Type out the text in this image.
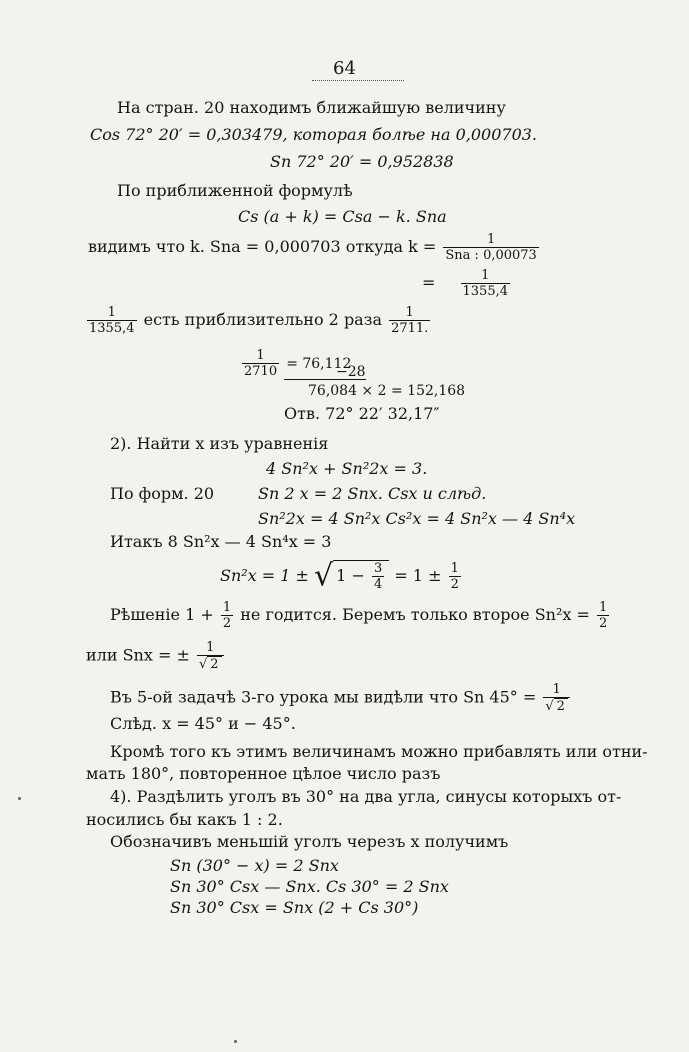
64
На стран. 20 находимъ ближайшую величину
Cos 72° 20′ = 0,303479, которая болѣе на 0,000703.
Sn 72° 20′ = 0,952838
По приближенной формулѣ
Cs (a + k) = Csa − k. Sna
видимъ что k. Sna = 0,000703 откуда $k = \frac{1}{\text{Sna : 0,00073}}$
= $\frac{1}{1355,4}$
$\frac{1}{1355,4}$ есть приблизительно 2 раза $\frac{1}{2711.}$
$\frac{1}{2710} = 76,112$
−28
76,084 × 2 = 152,168
Отв. 72° 22′ 32,17″
2). Найти x изъ уравненія
4 Sn²x + Sn²2x = 3.
По форм. 20	Sn 2 x = 2 Snx. Csx и слѣд.
Sn²2x = 4 Sn²x Cs²x = 4 Sn²x — 4 Sn⁴x
Итакъ 8 Sn²x — 4 Sn⁴x = 3
Sn²x = 1 ± √ $1 - \frac{3}{4} = 1 \pm \frac{1}{2}$
Рѣшеніе $1 + \frac{1}{2}$ не годится. Беремъ только второе $Sn^2x = \frac{1}{2}$
или Snx = ± $\frac{1}{√ 2}$
Въ 5-ой задачѣ 3-го урока мы видѣли что Sn $45^\circ = \frac{1}{√ 2}$
Слѣд. x = 45° и − 45°.
Кромѣ того къ этимъ величинамъ можно прибавлять или отни-
мать 180°, повторенное цѣлое число разъ
4). Раздѣлить уголъ въ 30° на два угла, синусы которыхъ от-
носились бы какъ 1 : 2.
Обозначивъ меньшій уголъ черезъ x получимъ
Sn (30° − x) = 2 Snx
Sn 30° Csx — Snx. Cs 30° = 2 Snx
Sn 30° Csx = Snx (2 + Cs 30°)
